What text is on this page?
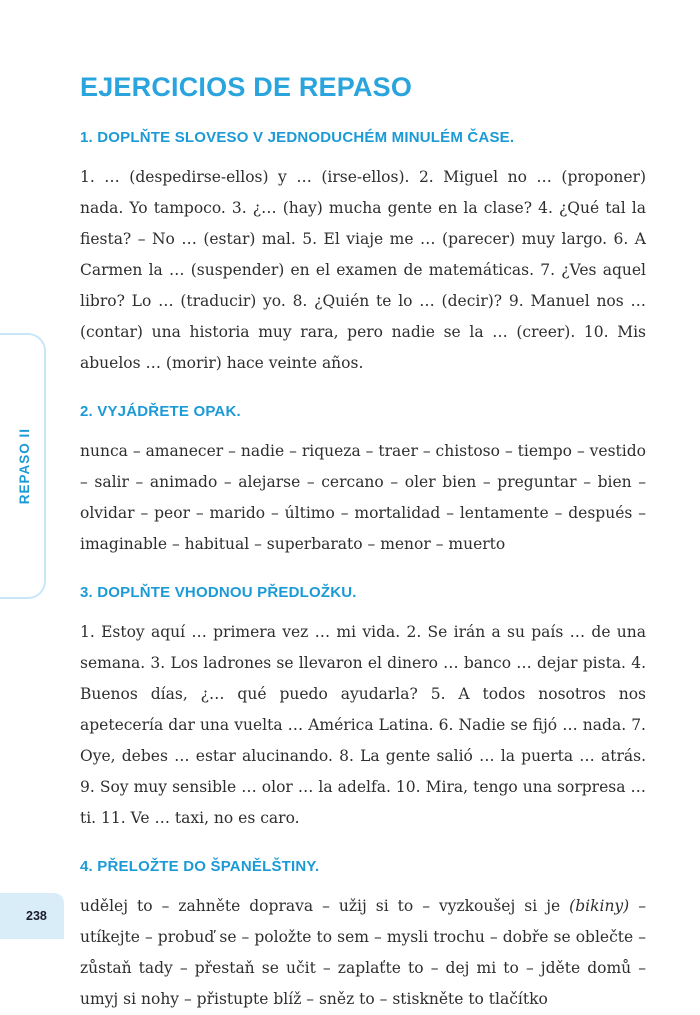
REPASO II
EJERCICIOS DE REPASO
1. DOPLŇTE SLOVESO V JEDNODUCHÉM MINULÉM ČASE.

1. … (despedirse-ellos) y … (irse-ellos). 2. Miguel no … (proponer) nada. Yo tampoco. 3. ¿… (hay) mucha gente en la clase? 4. ¿Qué tal la fiesta? – No … (estar) mal. 5. El viaje me … (parecer) muy largo. 6. A Carmen la … (suspender) en el examen de matemáticas. 7. ¿Ves aquel libro? Lo … (traducir) yo. 8. ¿Quién te lo … (decir)? 9. Manuel nos … (contar) una historia muy rara, pero nadie se la … (creer). 10. Mis abuelos … (morir) hace veinte años.

2. VYJÁDŘETE OPAK.

nunca – amanecer – nadie – riqueza – traer – chistoso – tiempo – vestido – salir – animado – alejarse – cercano – oler bien – preguntar – bien – olvidar – peor – marido – último – mortalidad – lentamente – después – imaginable – habitual – superbarato – menor – muerto

3. DOPLŇTE VHODNOU PŘEDLOŽKU.

1. Estoy aquí … primera vez … mi vida. 2. Se irán a su país … de una semana. 3. Los ladrones se llevaron el dinero … banco … dejar pista. 4. Buenos días, ¿… qué puedo ayudarla? 5. A todos nosotros nos apetecería dar una vuelta … América Latina. 6. Nadie se fijó … nada. 7. Oye, debes … estar alucinando. 8. La gente salió … la puerta … atrás. 9. Soy muy sensible … olor … la adelfa. 10. Mira, tengo una sorpresa … ti. 11. Ve … taxi, no es caro.

4. PŘELOŽTE DO ŠPANĚLŠTINY.

udělej to – zahněte doprava – užij si to – vyzkoušej si je (bikiny) – utíkejte – probuď se – položte to sem – mysli trochu – dobře se oblečte – zůstaň tady – přestaň se učit – zaplaťte to – dej mi to – jděte domů – umyj si nohy – přistupte blíž – sněz to – stiskněte to tlačítko

238
